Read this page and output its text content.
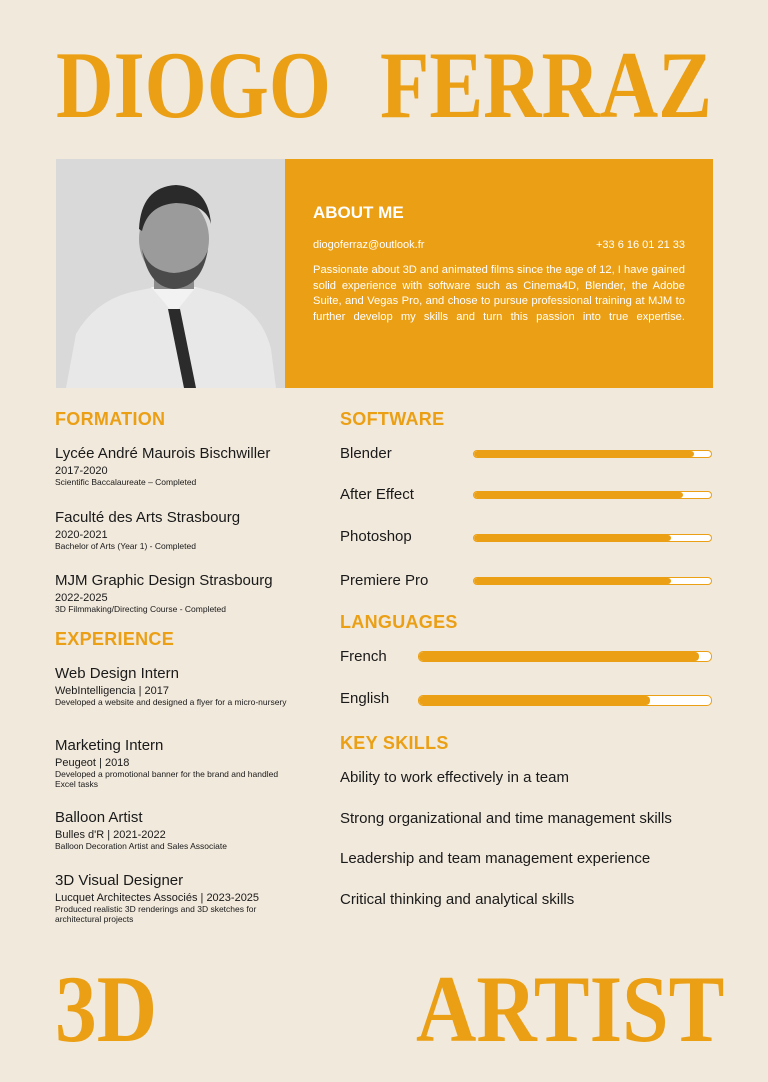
DIOGO FERRAZ
ABOUT ME
diogoferraz@outlook.fr	+33 6 16 01 21 33
Passionate about 3D and animated films since the age of 12, I have gained solid experience with software such as Cinema4D, Blender, the Adobe Suite, and Vegas Pro, and chose to pursue professional training at MJM to further develop my skills and turn this passion into true expertise.
FORMATION
Lycée André Maurois Bischwiller
2017-2020
Scientific Baccalaureate – Completed
Faculté des Arts Strasbourg
2020-2021
Bachelor of Arts (Year 1) - Completed
MJM Graphic Design Strasbourg
2022-2025
3D Filmmaking/Directing Course - Completed
EXPERIENCE
Web Design Intern
WebIntelligencia | 2017
Developed a website and designed a flyer for a micro-nursery
Marketing Intern
Peugeot | 2018
Developed a promotional banner for the brand and handled Excel tasks
Balloon Artist
Bulles d'R | 2021-2022
Balloon Decoration Artist and Sales Associate
3D Visual Designer
Lucquet Architectes Associés | 2023-2025
Produced realistic 3D renderings and 3D sketches for architectural projects
SOFTWARE
Blender
After Effect
Photoshop
Premiere Pro
LANGUAGES
French
English
KEY SKILLS
Ability to work effectively in a team
Strong organizational and time management skills
Leadership and team management experience
Critical thinking and analytical skills
3D	ARTIST
